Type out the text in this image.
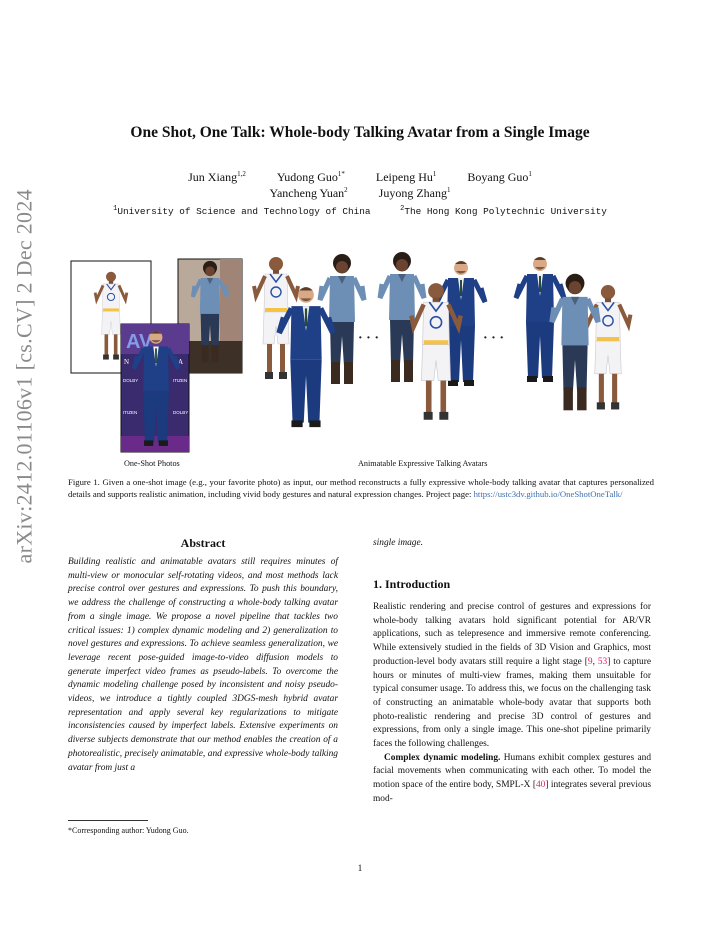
arXiv:2412.01106v1 [cs.CV] 2 Dec 2024
One Shot, One Talk: Whole-body Talking Avatar from a Single Image
Jun Xiang$^{1,2}$	Yudong Guo$^{1*}$	Leipeng Hu$^1$	Boyang Guo$^1$
Yancheng Yuan$^2$	Juyong Zhang$^1$
$^1$University of Science and Technology of China	$^2$The Hong Kong Polytechnic University
AV
N	A
DOLBY	ITIZEN
ITIZEN	DOLBY
· · ·	· · ·
One-Shot Photos	Animatable Expressive Talking Avatars
Figure 1. Given a one-shot image (e.g., your favorite photo) as input, our method reconstructs a fully expressive whole-body talking avatar that captures personalized details and supports realistic animation, including vivid body gestures and natural expression changes. Project page: https://ustc3dv.github.io/OneShotOneTalk/
Abstract
Building realistic and animatable avatars still requires minutes of multi-view or monocular self-rotating videos, and most methods lack precise control over gestures and expressions. To push this boundary, we address the challenge of constructing a whole-body talking avatar from a single image. We propose a novel pipeline that tackles two critical issues: 1) complex dynamic modeling and 2) generalization to novel gestures and expressions. To achieve seamless generalization, we leverage recent pose-guided image-to-video diffusion models to generate imperfect video frames as pseudo-labels. To overcome the dynamic modeling challenge posed by inconsistent and noisy pseudo-videos, we introduce a tightly coupled 3DGS-mesh hybrid avatar representation and apply several key regularizations to mitigate inconsistencies caused by imperfect labels. Extensive experiments on diverse subjects demonstrate that our method enables the creation of a photorealistic, precisely animatable, and expressive whole-body talking avatar from just a
*Corresponding author: Yudong Guo.
single image.
1. Introduction

Realistic rendering and precise control of gestures and expressions for whole-body talking avatars hold significant potential for AR/VR applications, such as telepresence and immersive remote conferencing. While extensively studied in the fields of 3D Vision and Graphics, most production-level body avatars still require a light stage [9, 53] to capture hours or minutes of multi-view frames, making them unsuitable for typical consumer usage. To address this, we focus on the challenging task of constructing an animatable whole-body avatar that supports both photo-realistic rendering and precise 3D control of gestures and expressions, from only a single image. This one-shot pipeline primarily faces the following challenges.

Complex dynamic modeling. Humans exhibit complex gestures and facial movements when communicating with each other. To model the motion space of the entire body, SMPL-X [40] integrates several previous mod-

1
